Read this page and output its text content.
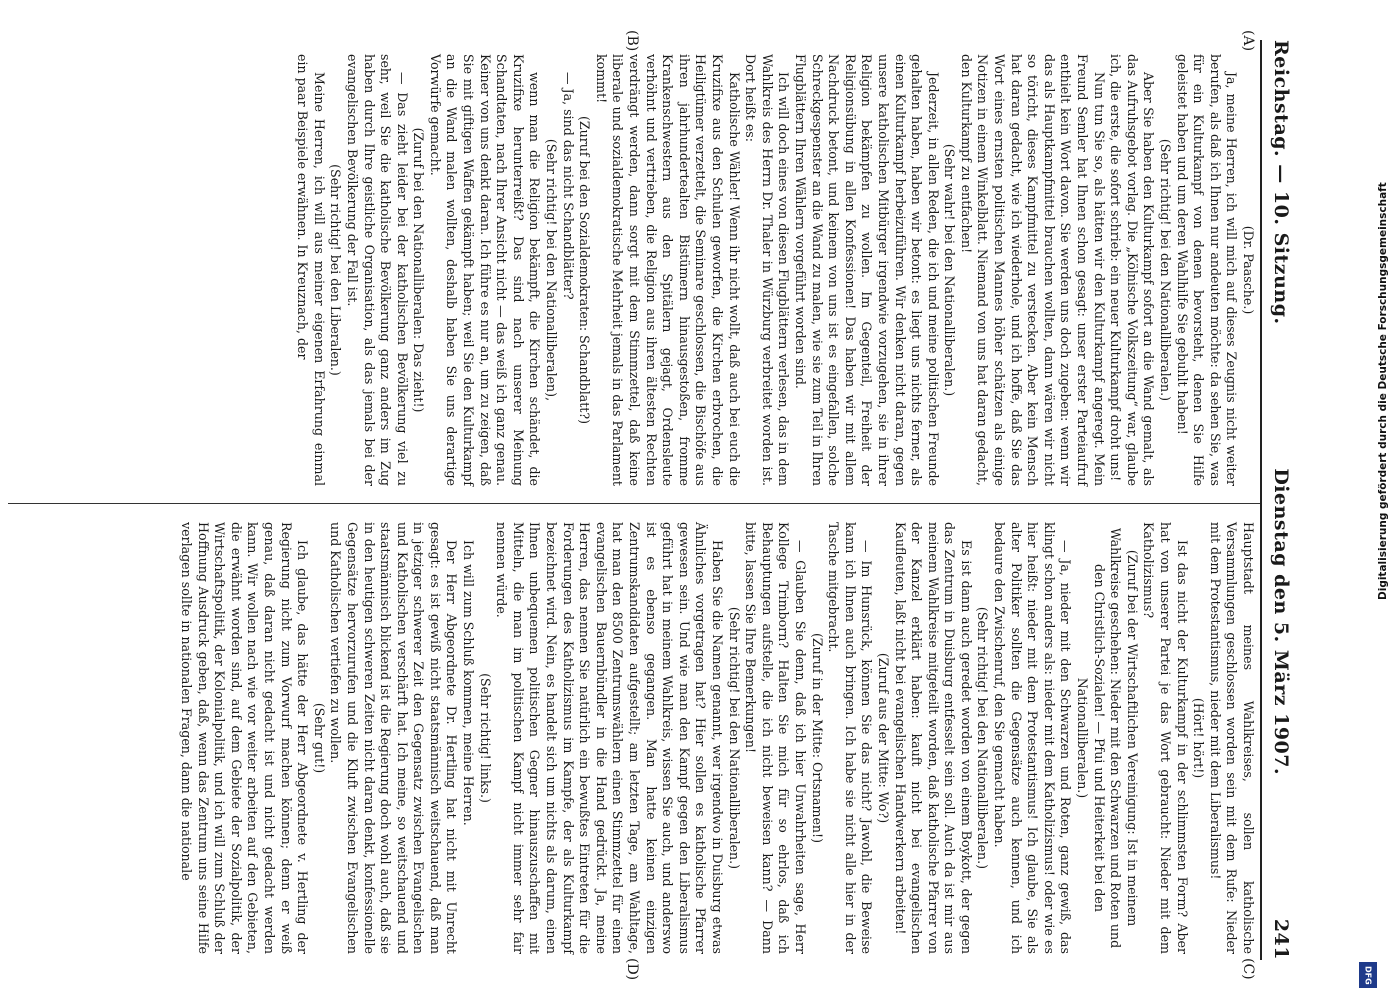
Reichstag. — 10. Sitzung.
Dienstag den 5. März 1907.
241
(A)
(B)
(C)
(D)

(Dr. Paasche.)

Ja, meine Herren, ich will mich auf dieses Zeugnis nicht weiter berufen, als daß ich Ihnen nur andeuten möchte: da sehen Sie, was für ein Kulturkampf von denen bevorsteht, denen Sie Hilfe geleistet haben und um deren Wahlhilfe Sie gebuhlt haben!

(Sehr richtig! bei den Nationalliberalen.)

Aber Sie haben den Kulturkampf sofort an die Wand gemalt, als das Aufruhsgebot vorlag. Die „Kölnische Volkszeitung“ war, glaube ich, die erste, die sofort schrieb: ein neuer Kulturkampf droht uns!

Nun tun Sie so, als hätten wir den Kulturkampf angeregt. Mein Freund Semler hat Ihnen schon gesagt: unser erster Parteiaufruf enthielt kein Wort davon. Sie werden uns doch zugeben: wenn wir das als Hauptkampfmittel brauchen wollten, dann wären wir nicht so töricht, dieses Kampfmittel zu verstecken. Aber kein Mensch hat daran gedacht, wie ich wiederhole, und ich hoffe, daß Sie das Wort eines ernsten politischen Mannes höher schätzen als einige Notizen in einem Winkelblatt. Niemand von uns hat daran gedacht, den Kulturkampf zu entfachen!

(Sehr wahr! bei den Nationalliberalen.)

Jederzeit, in allen Reden, die ich und meine politischen Freunde gehalten haben, haben wir betont: es liegt uns nichts ferner, als einen Kulturkampf herbeizuführen. Wir denken nicht daran, gegen unsere katholischen Mitbürger irgendwie vorzugehen, sie in ihrer Religion bekämpfen zu wollen. Im Gegenteil, Freiheit der Religionsübung in allen Konfessionen! Das haben wir mit allem Nachdruck betont, und keinem von uns ist es eingefallen, solche Schreckgespenster an die Wand zu malen, wie sie zum Teil in Ihren Flugblättern Ihren Wählern vorgeführt worden sind.

Ich will doch eines von diesen Flugblättern verlesen, das in dem Wahlkreis des Herrn Dr. Thaler in Würzburg verbreitet worden ist. Dort heißt es:

Katholische Wähler! Wenn ihr nicht wollt, daß auch bei euch die Kruzifixe aus den Schulen geworfen, die Kirchen erbrochen, die Heiligtümer verzettelt, die Seminare geschlossen, die Bischöfe aus ihren jahrhundertealten Bistümern hinausgestoßen, fromme Krankenschwestern aus den Spitälern gejagt, Ordensleute verhöhnt und vertrieben, die Religion aus ihren ältesten Rechten verdrängt werden, dann sorgt mit dem Stimmzettel, daß keine liberale und sozialdemokratische Mehrheit jemals in das Parlament kommt!

(Zuruf bei den Sozialdemokraten: Schandblatt?)

— Ja, sind das nicht Schandblätter?

(Sehr richtig! bei den Nationalliberalen),

wenn man die Religion bekämpft, die Kirchen schändet, die Kruzifixe herunterreißt? Das sind nach unserer Meinung Schandtaten, nach Ihrer Ansicht nicht — das weiß ich ganz genau. Keiner von uns denkt daran. Ich führe es nur an, um zu zeigen, daß Sie mit giftigen Waffen gekämpft haben; weil Sie den Kulturkampf an die Wand malen wollten, deshalb haben Sie uns derartige Vorwürfe gemacht.

(Zuruf bei den Nationalliberalen: Das zieht!)

— Das zieht leider bei der katholischen Bevölkerung viel zu sehr, weil Sie die katholische Bevölkerung ganz anders im Zug haben durch Ihre geistliche Organisation, als das jemals bei der evangelischen Bevölkerung der Fall ist.

(Sehr richtig! bei den Liberalen.)

Meine Herren, ich will aus meiner eigenen Erfahrung einmal ein paar Beispiele erwähnen. In Kreuznach, der

Hauptstadt meines Wahlkreises, sollen katholische Versammlungen geschlossen worden sein mit dem Rufe: Nieder mit dem Protestantismus, nieder mit dem Liberalismus!

(Hört! hört!)

Ist das nicht der Kulturkampf in der schlimmsten Form? Aber hat von unserer Partei je das Wort gebraucht: Nieder mit dem Katholizismus?

(Zuruf bei der Wirtschaftlichen Vereinigung: Ist in meinem Wahlkreise geschehen: Nieder mit den Schwarzen und Roten und den Christlich-Sozialen! — Pfui und Heiterkeit bei den Nationalliberalen.)

— Ja, nieder mit den Schwarzen und Roten, ganz gewiß, das klingt schon anders als: nieder mit dem Katholizismus! oder wie es hier heißt: nieder mit dem Protestantismus! Ich glaube, Sie als alter Politiker sollten die Gegensätze auch kennen, und ich bedaure den Zwischenruf, den Sie gemacht haben.

(Sehr richtig! bei den Nationalliberalen.)

Es ist dann auch geredet worden von einem Boykott, der gegen das Zentrum in Duisburg entfesselt sein soll. Auch da ist mir aus meinem Wahlkreise mitgeteilt worden, daß katholische Pfarrer von der Kanzel erklärt haben: kauft nicht bei evangelischen Kaufleuten, laßt nicht bei evangelischen Handwerkern arbeiten!

(Zuruf aus der Mitte: Wo?)

— Im Hunsrück, können Sie das nicht? Jawohl, die Beweise kann ich Ihnen auch bringen. Ich habe sie nicht alle hier in der Tasche mitgebracht.

(Zuruf in der Mitte: Ortsnamen!)

— Glauben Sie denn, daß ich hier Unwahrheiten sage, Herr Kollege Trimborn? Halten Sie mich für so ehrlos, daß ich Behauptungen aufstelle, die ich nicht beweisen kann? — Dann bitte, lassen Sie Ihre Bemerkungen!

(Sehr richtig! bei den Nationalliberalen.)

Haben Sie die Namen genannt, wer irgendwo in Duisburg etwas Ähnliches vorgetragen hat? Hier sollen es katholische Pfarrer gewesen sein. Und wie man den Kampf gegen den Liberalismus geführt hat in meinem Wahlkreis, wissen Sie auch, und anderswo ist es ebenso gegangen. Man hatte keinen einzigen Zentrumskandidaten aufgestellt; am letzten Tage, am Wahltage, hat man den 8500 Zentrumswählern einen Stimmzettel für einen evangelischen Bauernbündler in die Hand gedrückt. Ja, meine Herren, das nennen Sie natürlich ein bewußtes Eintreten für die Forderungen des Katholizismus im Kampfe, der als Kulturkampf bezeichnet wird. Nein, es handelt sich um nichts als darum, einen Ihnen unbequemen politischen Gegner hinauszuschaffen mit Mitteln, die man im politischen Kampf nicht immer sehr fair nennen würde.

(Sehr richtig! links.)

Ich will zum Schluß kommen, meine Herren.

Der Herr Abgeordnete Dr. Hertling hat nicht mit Unrecht gesagt: es ist gewiß nicht staatsmännisch weitschauend, daß man in jetziger schwerer Zeit den Gegensatz zwischen Evangelischen und Katholischen verschärft hat. Ich meine, so weitschauend und staatsmännisch blickend ist die Regierung doch wohl auch, daß sie in den heutigen schweren Zeiten nicht daran denkt, konfessionelle Gegensätze hervorzurufen und die Kluft zwischen Evangelischen und Katholischen vertiefen zu wollen.

(Sehr gut!)

Ich glaube, das hätte der Herr Abgeordnete v. Hertling der Regierung nicht zum Vorwurf machen können; denn er weiß genau, daß daran nicht gedacht ist und nicht gedacht werden kann. Wir wollen nach wie vor weiter arbeiten auf den Gebieten, die erwähnt worden sind, auf dem Gebiete der Sozialpolitik, der Wirtschaftspolitik, der Kolonialpolitik, und ich will zum Schluß der Hoffnung Ausdruck geben, daß, wenn das Zentrum uns seine Hilfe verlagen sollte in nationalen Fragen, dann die nationale

Digitalisierung gefördert durch die Deutsche Forschungsgemeinschaft
DFG
